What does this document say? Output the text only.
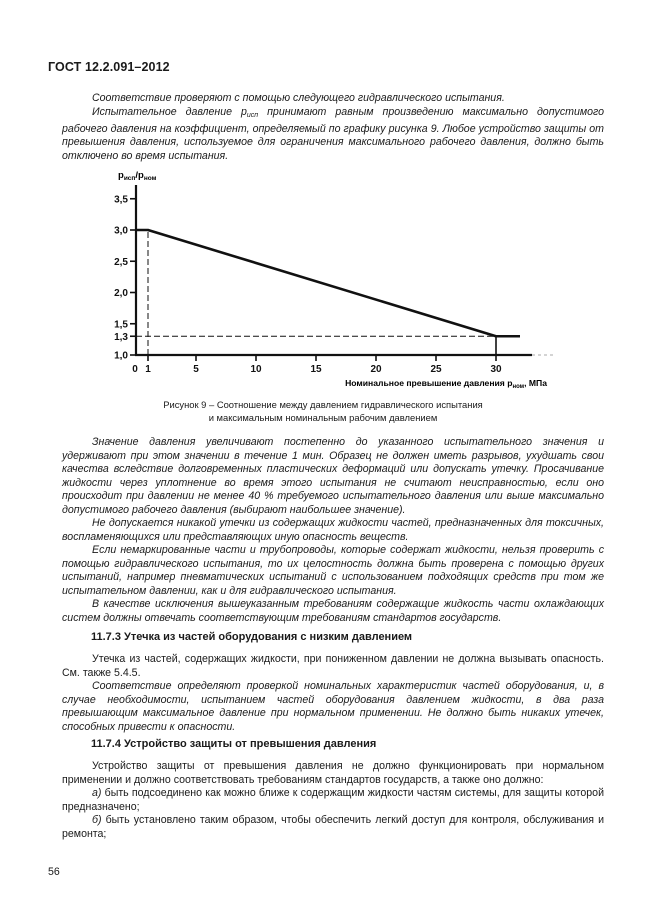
ГОСТ 12.2.091–2012
Соответствие проверяют с помощью следующего гидравлического испытания.
Испытательное давление $p_{исп}$ принимают равным произведению максимально допустимого рабочего давления на коэффициент, определяемый по графику рисунка 9. Любое устройство защиты от превышения давления, используемое для ограничения максимального рабочего давления, должно быть отключено во время испытания.
1,0
1,3
1,5
2,0
2,5
3,0
3,5
0 1	5	10	15	20	25	30
$p_{исп}/p_{ном}$
Номинальное превышение давления $p_{ном}$, МПа
Рисунок 9 – Соотношение между давлением гидравлического испытания
и максимальным номинальным рабочим давлением
Значение давления увеличивают постепенно до указанного испытательного значения и удерживают при этом значении в течение 1 мин. Образец не должен иметь разрывов, ухудшать свои качества вследствие долговременных пластических деформаций или допускать утечку. Просачивание жидкости через уплотнение во время этого испытания не считают неисправностью, если оно происходит при давлении не менее 40 % требуемого испытательного давления или выше максимально допустимого рабочего давления (выбирают наибольшее значение).
Не допускается никакой утечки из содержащих жидкости частей, предназначенных для токсичных, воспламеняющихся или представляющих иную опасность веществ.
Если немаркированные части и трубопроводы, которые содержат жидкости, нельзя проверить с помощью гидравлического испытания, то их целостность должна быть проверена с помощью других испытаний, например пневматических испытаний с использованием подходящих средств при том же испытательном давлении, как и для гидравлического испытания.
В качестве исключения вышеуказанным требованиям содержащие жидкость части охлаждающих систем должны отвечать соответствующим требованиям стандартов государств.
11.7.3 Утечка из частей оборудования с низким давлением
Утечка из частей, содержащих жидкости, при пониженном давлении не должна вызывать опасность. См. также 5.4.5.
Соответствие определяют проверкой номинальных характеристик частей оборудования, и, в случае необходимости, испытанием частей оборудования давлением жидкости, в два раза превышающим максимальное давление при нормальном применении. Не должно быть никаких утечек, способных привести к опасности.
11.7.4 Устройство защиты от превышения давления
Устройство защиты от превышения давления не должно функционировать при нормальном применении и должно соответствовать требованиям стандартов государств, а также оно должно:
а) быть подсоединено как можно ближе к содержащим жидкости частям системы, для защиты которой предназначено;
б) быть установлено таким образом, чтобы обеспечить легкий доступ для контроля, обслуживания и ремонта;
56
